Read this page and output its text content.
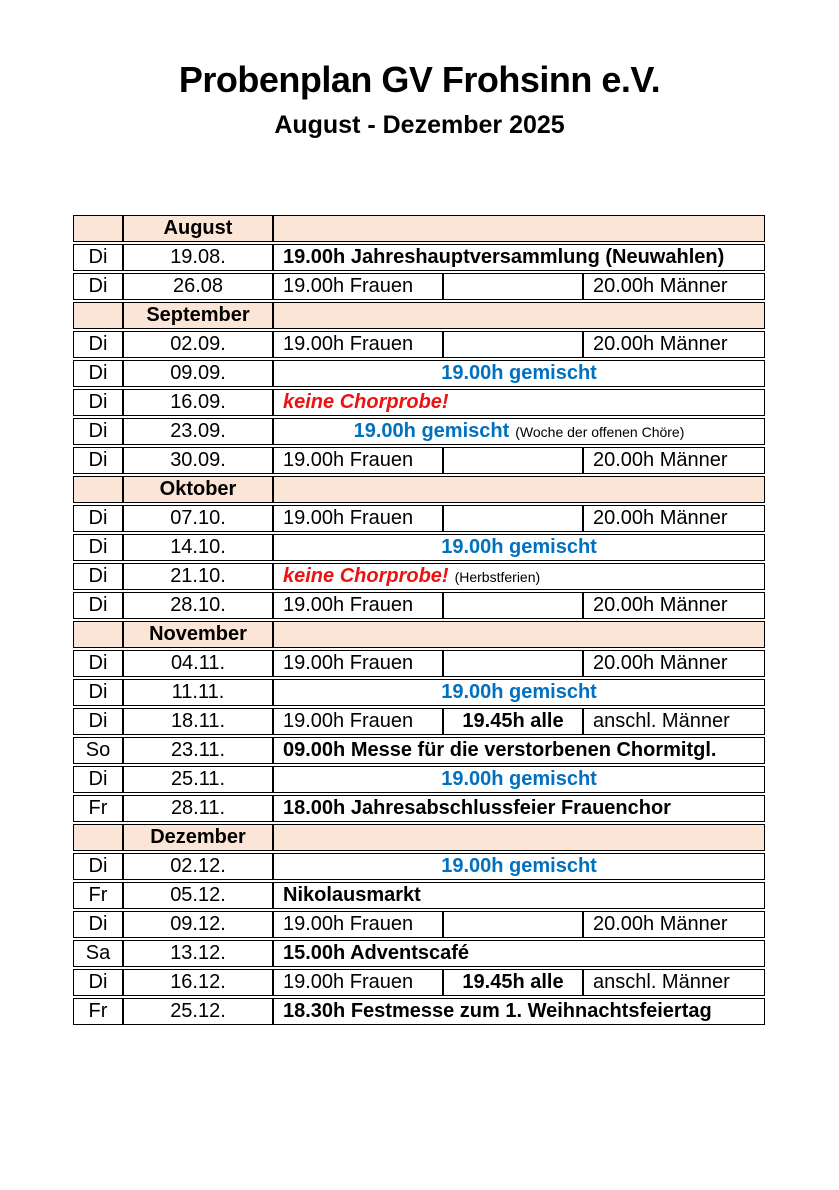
Probenplan GV Frohsinn e.V.
August - Dezember 2025
	August			
Di	19.08.	19.00h Jahreshauptversammlung (Neuwahlen)		
Di	26.08	19.00h Frauen		20.00h Männer
	September			
Di	02.09.	19.00h Frauen		20.00h Männer
Di	09.09.	19.00h gemischt		
Di	16.09.	keine Chorprobe!		
Di	23.09.	19.00h gemischt (Woche der offenen Chöre)		
Di	30.09.	19.00h Frauen		20.00h Männer
	Oktober			
Di	07.10.	19.00h Frauen		20.00h Männer
Di	14.10.	19.00h gemischt		
Di	21.10.	keine Chorprobe! (Herbstferien)		
Di	28.10.	19.00h Frauen		20.00h Männer
	November			
Di	04.11.	19.00h Frauen		20.00h Männer
Di	11.11.	19.00h gemischt		
Di	18.11.	19.00h Frauen	19.45h alle	anschl. Männer
So	23.11.	09.00h Messe für die verstorbenen Chormitgl.		
Di	25.11.	19.00h gemischt		
Fr	28.11.	18.00h Jahresabschlussfeier Frauenchor		
	Dezember			
Di	02.12.	19.00h gemischt		
Fr	05.12.	Nikolausmarkt		
Di	09.12.	19.00h Frauen		20.00h Männer
Sa	13.12.	15.00h Adventscafé		
Di	16.12.	19.00h Frauen	19.45h alle	anschl. Männer
Fr	25.12.	18.30h Festmesse zum 1. Weihnachtsfeiertag		
